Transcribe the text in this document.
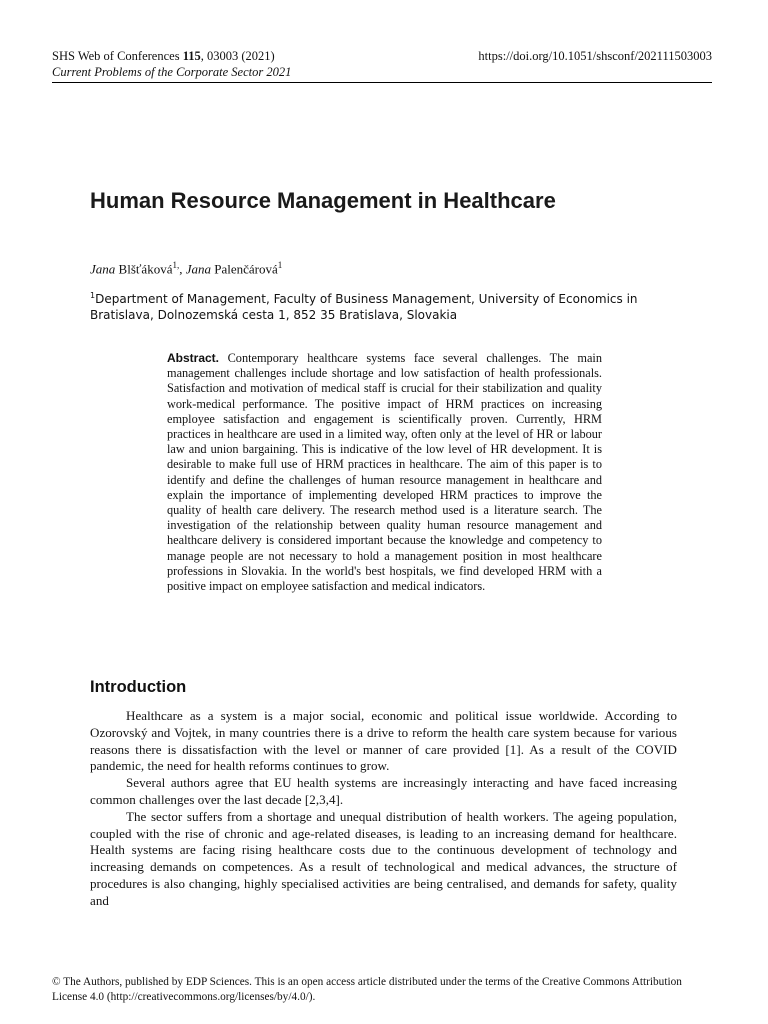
SHS Web of Conferences 115, 03003 (2021)	https://doi.org/10.1051/shsconf/202111503003
Current Problems of the Corporate Sector 2021
Human Resource Management in Healthcare
Jana Blšťáková$^{1,}$, Jana Palenčárová$^1$
$^1$Department of Management, Faculty of Business Management, University of Economics in Bratislava, Dolnozemská cesta 1, 852 35 Bratislava, Slovakia

Abstract. Contemporary healthcare systems face several challenges. The main management challenges include shortage and low satisfaction of health professionals. Satisfaction and motivation of medical staff is crucial for their stabilization and quality work-medical performance. The positive impact of HRM practices on increasing employee satisfaction and engagement is scientifically proven. Currently, HRM practices in healthcare are used in a limited way, often only at the level of HR or labour law and union bargaining. This is indicative of the low level of HR development. It is desirable to make full use of HRM practices in healthcare. The aim of this paper is to identify and define the challenges of human resource management in healthcare and explain the importance of implementing developed HRM practices to improve the quality of health care delivery. The research method used is a literature search. The investigation of the relationship between quality human resource management and healthcare delivery is considered important because the knowledge and competency to manage people are not necessary to hold a management position in most healthcare professions in Slovakia. In the world's best hospitals, we find developed HRM with a positive impact on employee satisfaction and medical indicators.

Introduction

Healthcare as a system is a major social, economic and political issue worldwide. According to Ozorovský and Vojtek, in many countries there is a drive to reform the health care system because for various reasons there is dissatisfaction with the level or manner of care provided [1]. As a result of the COVID pandemic, the need for health reforms continues to grow.

Several authors agree that EU health systems are increasingly interacting and have faced increasing common challenges over the last decade [2,3,4].

The sector suffers from a shortage and unequal distribution of health workers. The ageing population, coupled with the rise of chronic and age-related diseases, is leading to an increasing demand for healthcare. Health systems are facing rising healthcare costs due to the continuous development of technology and increasing demands on competences. As a result of technological and medical advances, the structure of procedures is also changing, highly specialised activities are being centralised, and demands for safety, quality and

© The Authors, published by EDP Sciences. This is an open access article distributed under the terms of the Creative Commons Attribution License 4.0 (http://creativecommons.org/licenses/by/4.0/).
